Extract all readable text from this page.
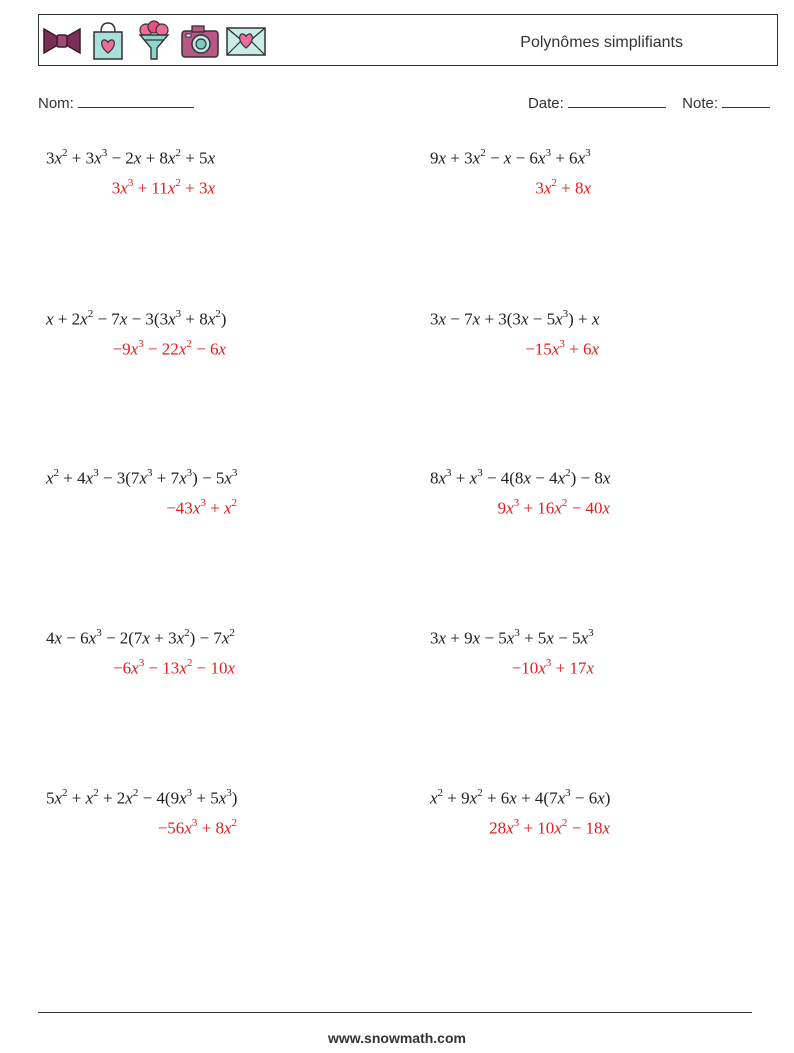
Polynômes simplifiants
Nom:	Date:	Note:
$3x^2 + 3x^3 - 2x + 8x^2 + 5x$
$3x^3 + 11x^2 + 3x$
$9x + 3x^2 - x - 6x^3 + 6x^3$
$3x^2 + 8x$
$x + 2x^2 - 7x - 3(3x^3 + 8x^2)$
$-9x^3 - 22x^2 - 6x$
$3x - 7x + 3(3x - 5x^3) + x$
$-15x^3 + 6x$
$x^2 + 4x^3 - 3(7x^3 + 7x^3) - 5x^3$
$-43x^3 + x^2$
$8x^3 + x^3 - 4(8x - 4x^2) - 8x$
$9x^3 + 16x^2 - 40x$
$4x - 6x^3 - 2(7x + 3x^2) - 7x^2$
$-6x^3 - 13x^2 - 10x$
$3x + 9x - 5x^3 + 5x - 5x^3$
$-10x^3 + 17x$
$5x^2 + x^2 + 2x^2 - 4(9x^3 + 5x^3)$
$-56x^3 + 8x^2$
$x^2 + 9x^2 + 6x + 4(7x^3 - 6x)$
$28x^3 + 10x^2 - 18x$
www.snowmath.com
